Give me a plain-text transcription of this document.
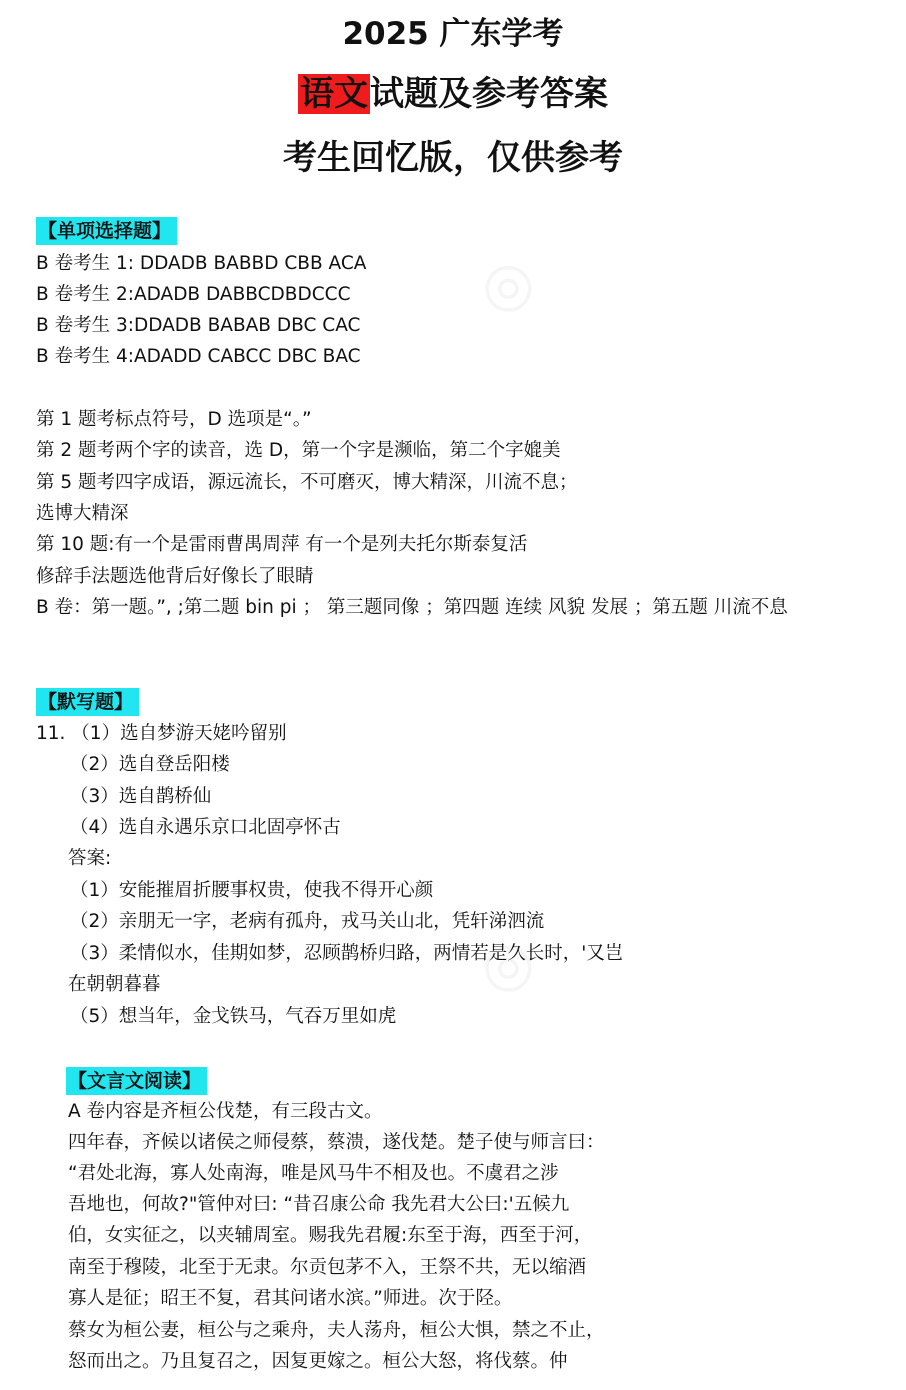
2025 广东学考
语文试题及参考答案
考生回忆版，仅供参考
【单项选择题】
B 卷考生 1: DDADB BABBD CBB ACA
B 卷考生 2:ADADB DABBCDBDCCC
B 卷考生 3:DDADB BABAB DBC CAC
B 卷考生 4:ADADD CABCC DBC BAC
第 1 题考标点符号，D 选项是“。”
第 2 题考两个字的读音，选 D，第一个字是濒临，第二个字媲美
第 5 题考四字成语，源远流长，不可磨灭，博大精深，川流不息；
选博大精深
第 10 题:有一个是雷雨曹禺周萍 有一个是列夫托尔斯泰复活
修辞手法题选他背后好像长了眼睛
B 卷：第一题。”, ;第二题 bin pi ； 第三题同像 ；第四题 连续 风貌 发展 ；第五题 川流不息
【默写题】
11. （1）选自梦游天姥吟留别
（2）选自登岳阳楼
（3）选自鹊桥仙
（4）选自永遇乐京口北固亭怀古
答案:
（1）安能摧眉折腰事权贵，使我不得开心颜
（2）亲朋无一字，老病有孤舟，戎马关山北，凭轩涕泗流
（3）柔情似水，佳期如梦，忍顾鹊桥归路，两情若是久长时，'又岂
在朝朝暮暮
（5）想当年，金戈铁马，气吞万里如虎
【文言文阅读】
A 卷内容是齐桓公伐楚，有三段古文。
四年春，齐候以诸侯之师侵蔡，蔡溃，遂伐楚。楚子使与师言曰：
“君处北海，寡人处南海，唯是风马牛不相及也。不虞君之涉
吾地也，何故?"管仲对曰: “昔召康公命 我先君大公曰:'五候九
伯，女实征之，以夹辅周室。赐我先君履:东至于海，西至于河，
南至于穆陵，北至于无隶。尔贡包茅不入，王祭不共，无以缩酒
寡人是征；昭王不复，君其问诸水滨。”师进。次于陉。
蔡女为桓公妻，桓公与之乘舟，夫人荡舟，桓公大惧，禁之不止，
怒而出之。乃且复召之，因复更嫁之。桓公大怒，将伐蔡。仲
